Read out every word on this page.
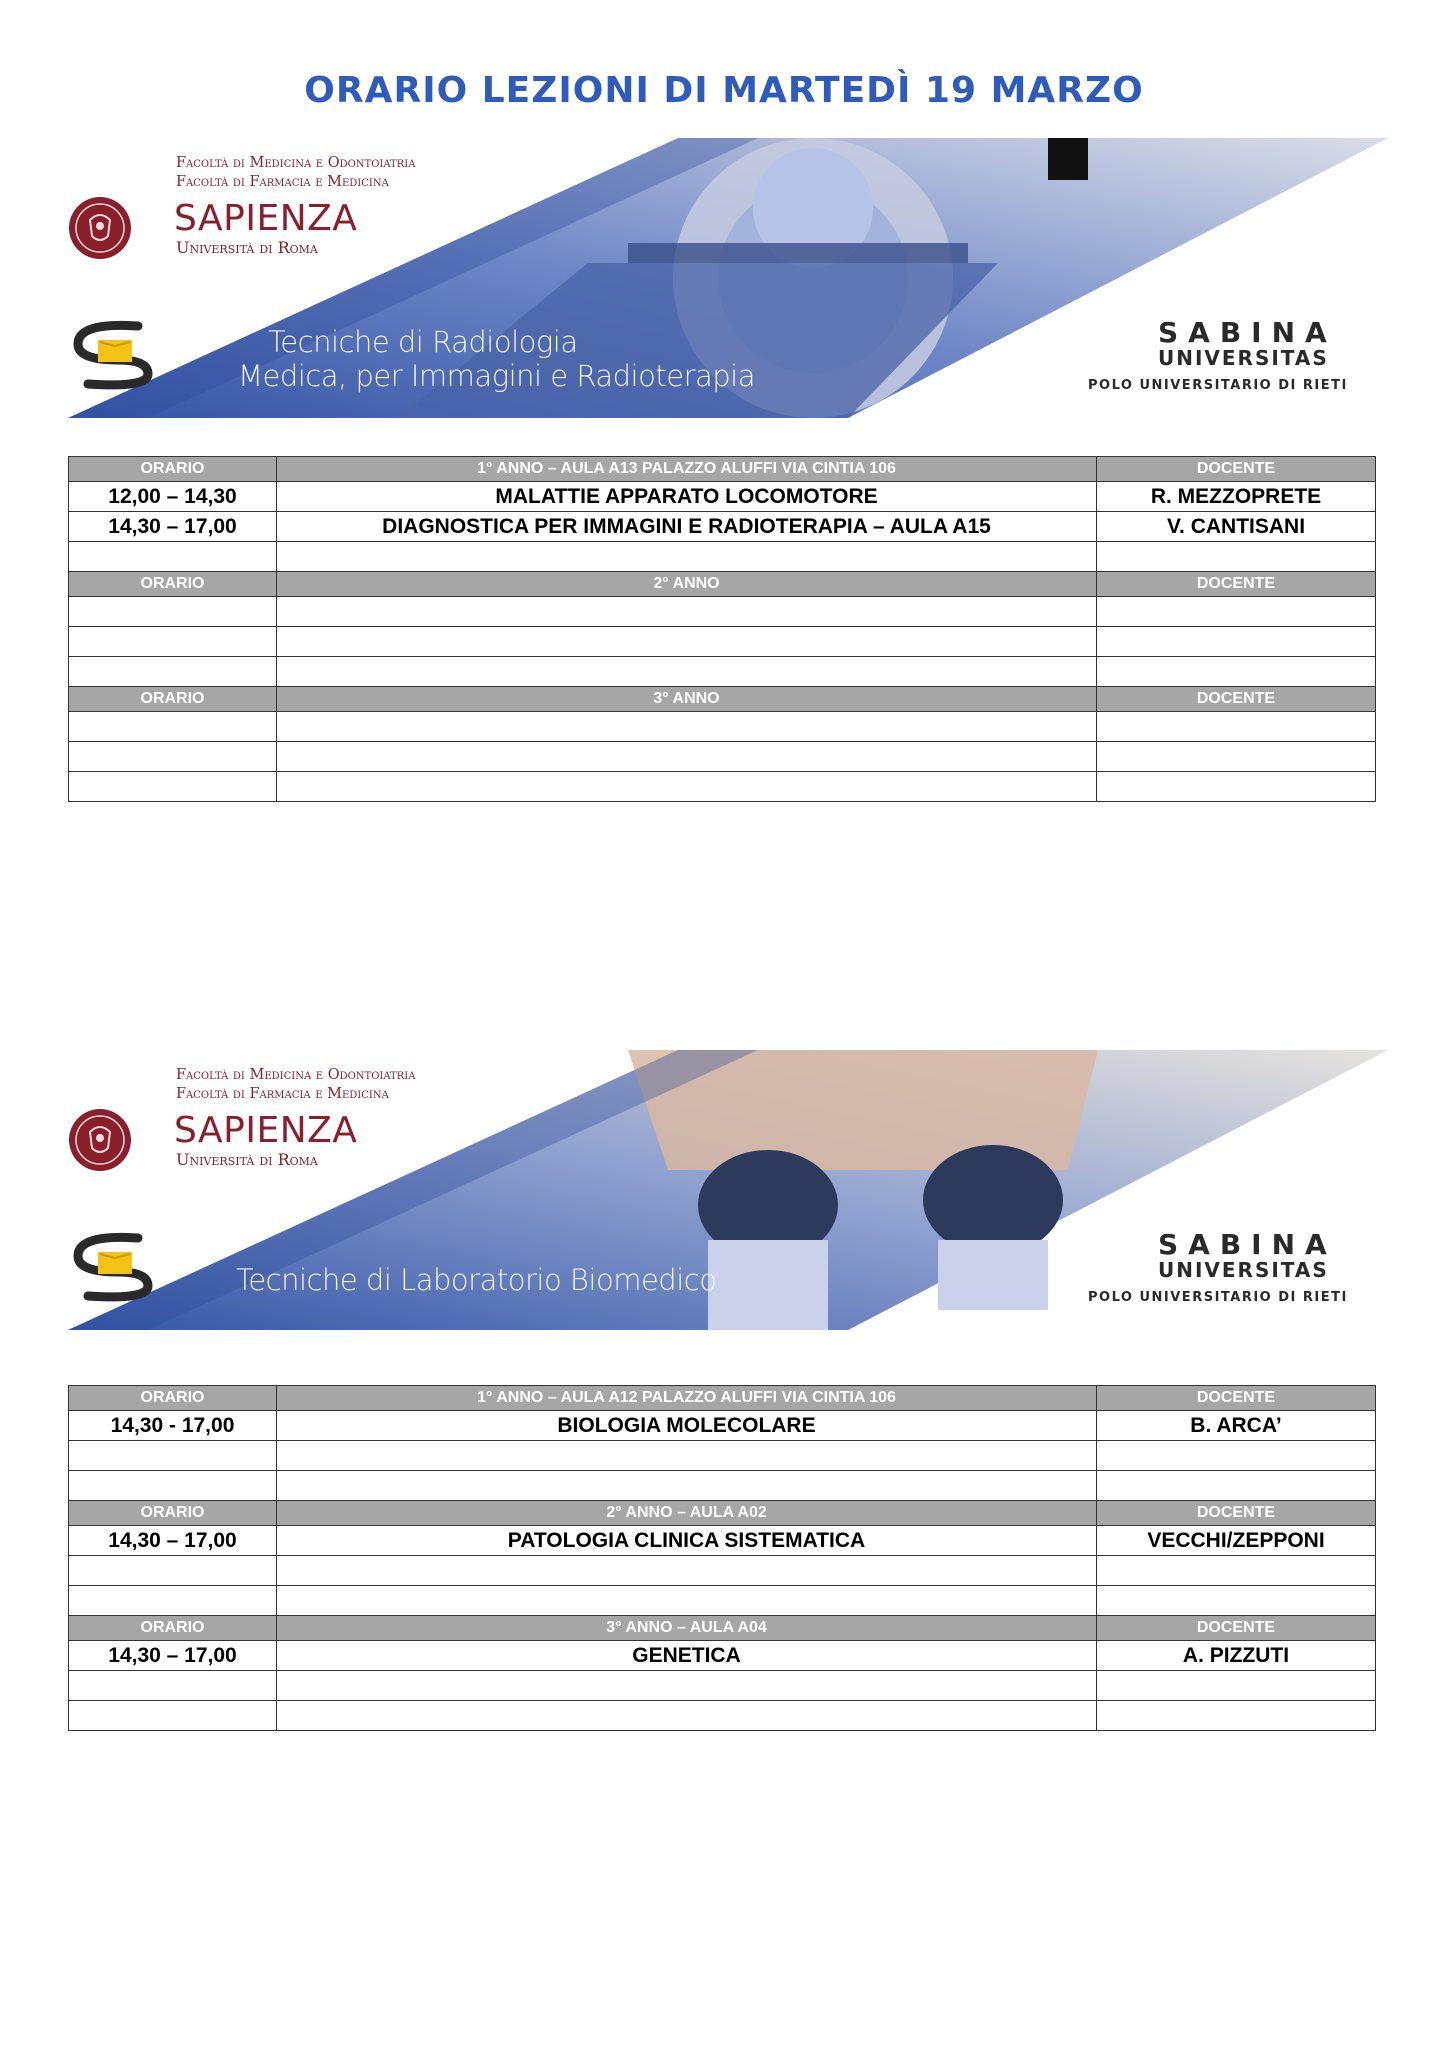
ORARIO LEZIONI DI MARTEDÌ 19 MARZO
Facoltà di Medicina e Odontoiatria
Facoltà di Farmacia e Medicina
SAPIENZA
Università di Roma
Tecniche di Radiologia
Medica, per Immagini e Radioterapia
SABINA
UNIVERSITAS
POLO UNIVERSITARIO DI RIETI
ORARIO	1° ANNO – AULA A13 PALAZZO ALUFFI VIA CINTIA 106	DOCENTE
12,00 – 14,30	MALATTIE APPARATO LOCOMOTORE	R. MEZZOPRETE
14,30 – 17,00	DIAGNOSTICA PER IMMAGINI E RADIOTERAPIA – AULA A15	V. CANTISANI

ORARIO	2° ANNO	DOCENTE

ORARIO	3° ANNO	DOCENTE

Facoltà di Medicina e Odontoiatria
Facoltà di Farmacia e Medicina
SAPIENZA
Università di Roma
Tecniche di Laboratorio Biomedico
SABINA
UNIVERSITAS
POLO UNIVERSITARIO DI RIETI
ORARIO	1° ANNO – AULA A12 PALAZZO ALUFFI VIA CINTIA 106	DOCENTE
14,30 - 17,00	BIOLOGIA MOLECOLARE	B. ARCA’

ORARIO	2° ANNO – AULA A02	DOCENTE
14,30 – 17,00	PATOLOGIA CLINICA SISTEMATICA	VECCHI/ZEPPONI

ORARIO	3° ANNO – AULA A04	DOCENTE
14,30 – 17,00	GENETICA	A. PIZZUTI
